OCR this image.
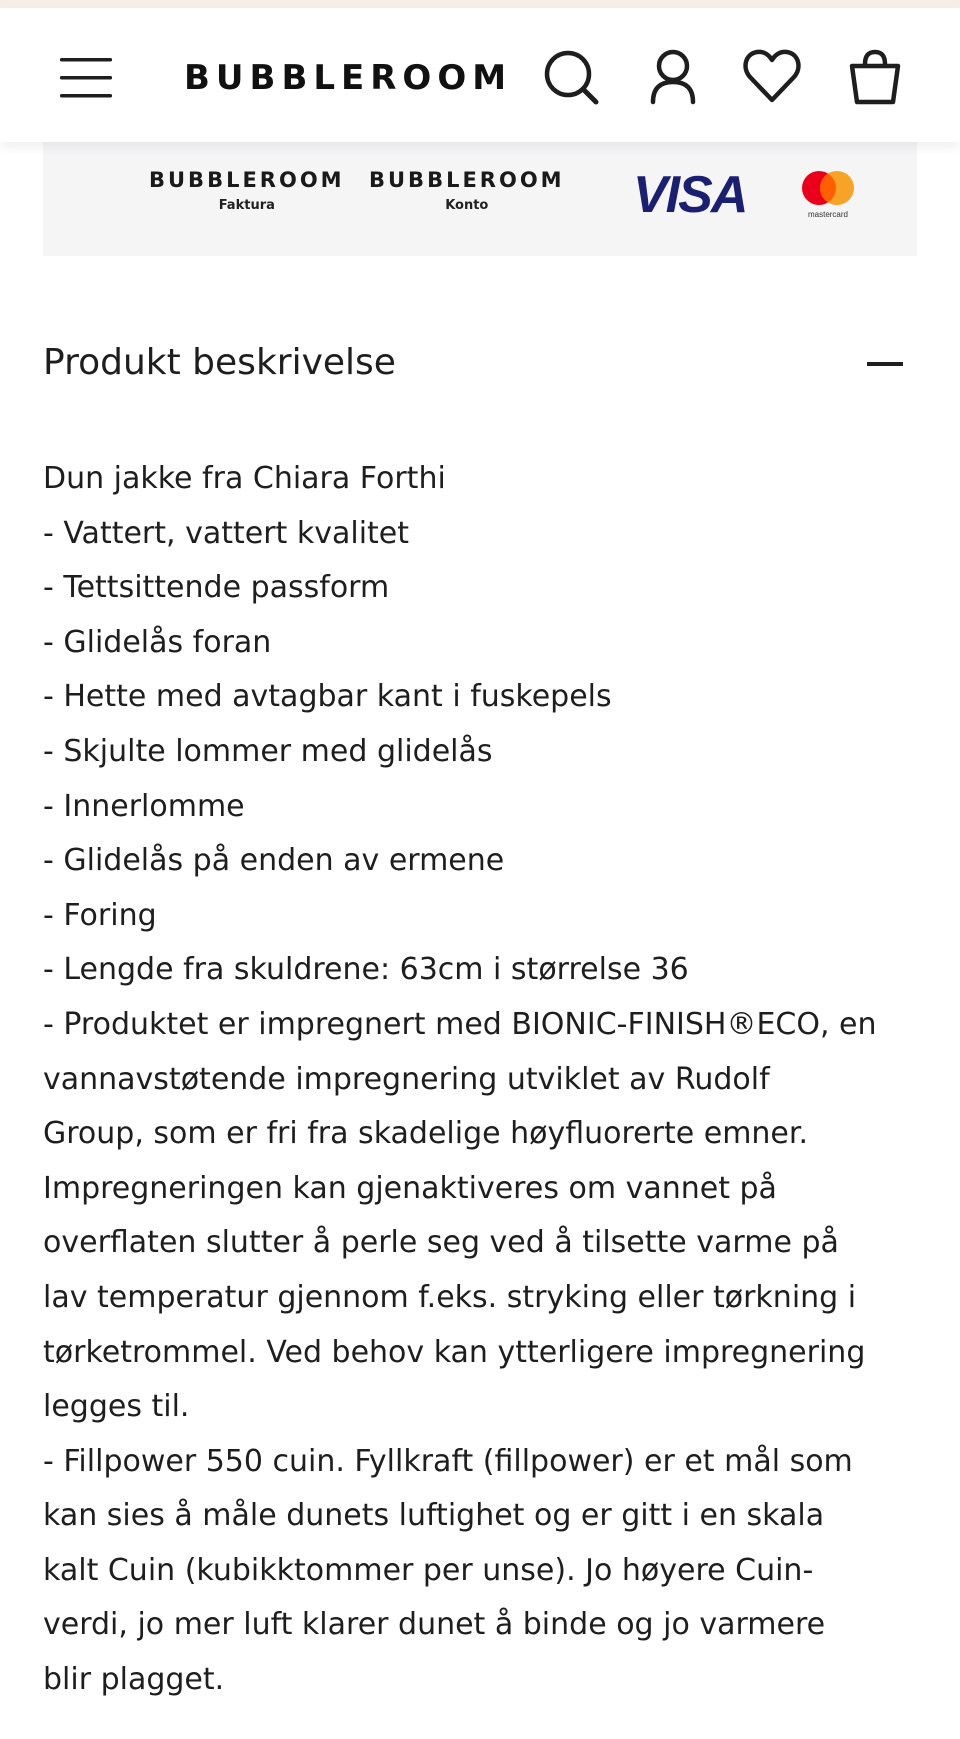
BUBBLEROOM
BUBBLEROOM
Faktura
BUBBLEROOM
Konto	VISA	mastercard
Produkt beskrivelse
Dun jakke fra Chiara Forthi
- Vattert, vattert kvalitet
- Tettsittende passform
- Glidelås foran
- Hette med avtagbar kant i fuskepels
- Skjulte lommer med glidelås
- Innerlomme
- Glidelås på enden av ermene
- Foring
- Lengde fra skuldrene: 63cm i størrelse 36
- Produktet er impregnert med BIONIC-FINISH®ECO, en
vannavstøtende impregnering utviklet av Rudolf
Group, som er fri fra skadelige høyfluorerte emner.
Impregneringen kan gjenaktiveres om vannet på
overflaten slutter å perle seg ved å tilsette varme på
lav temperatur gjennom f.eks. stryking eller tørkning i
tørketrommel. Ved behov kan ytterligere impregnering
legges til.
- Fillpower 550 cuin. Fyllkraft (fillpower) er et mål som
kan sies å måle dunets luftighet og er gitt i en skala
kalt Cuin (kubikktommer per unse). Jo høyere Cuin-
verdi, jo mer luft klarer dunet å binde og jo varmere
blir plagget.
